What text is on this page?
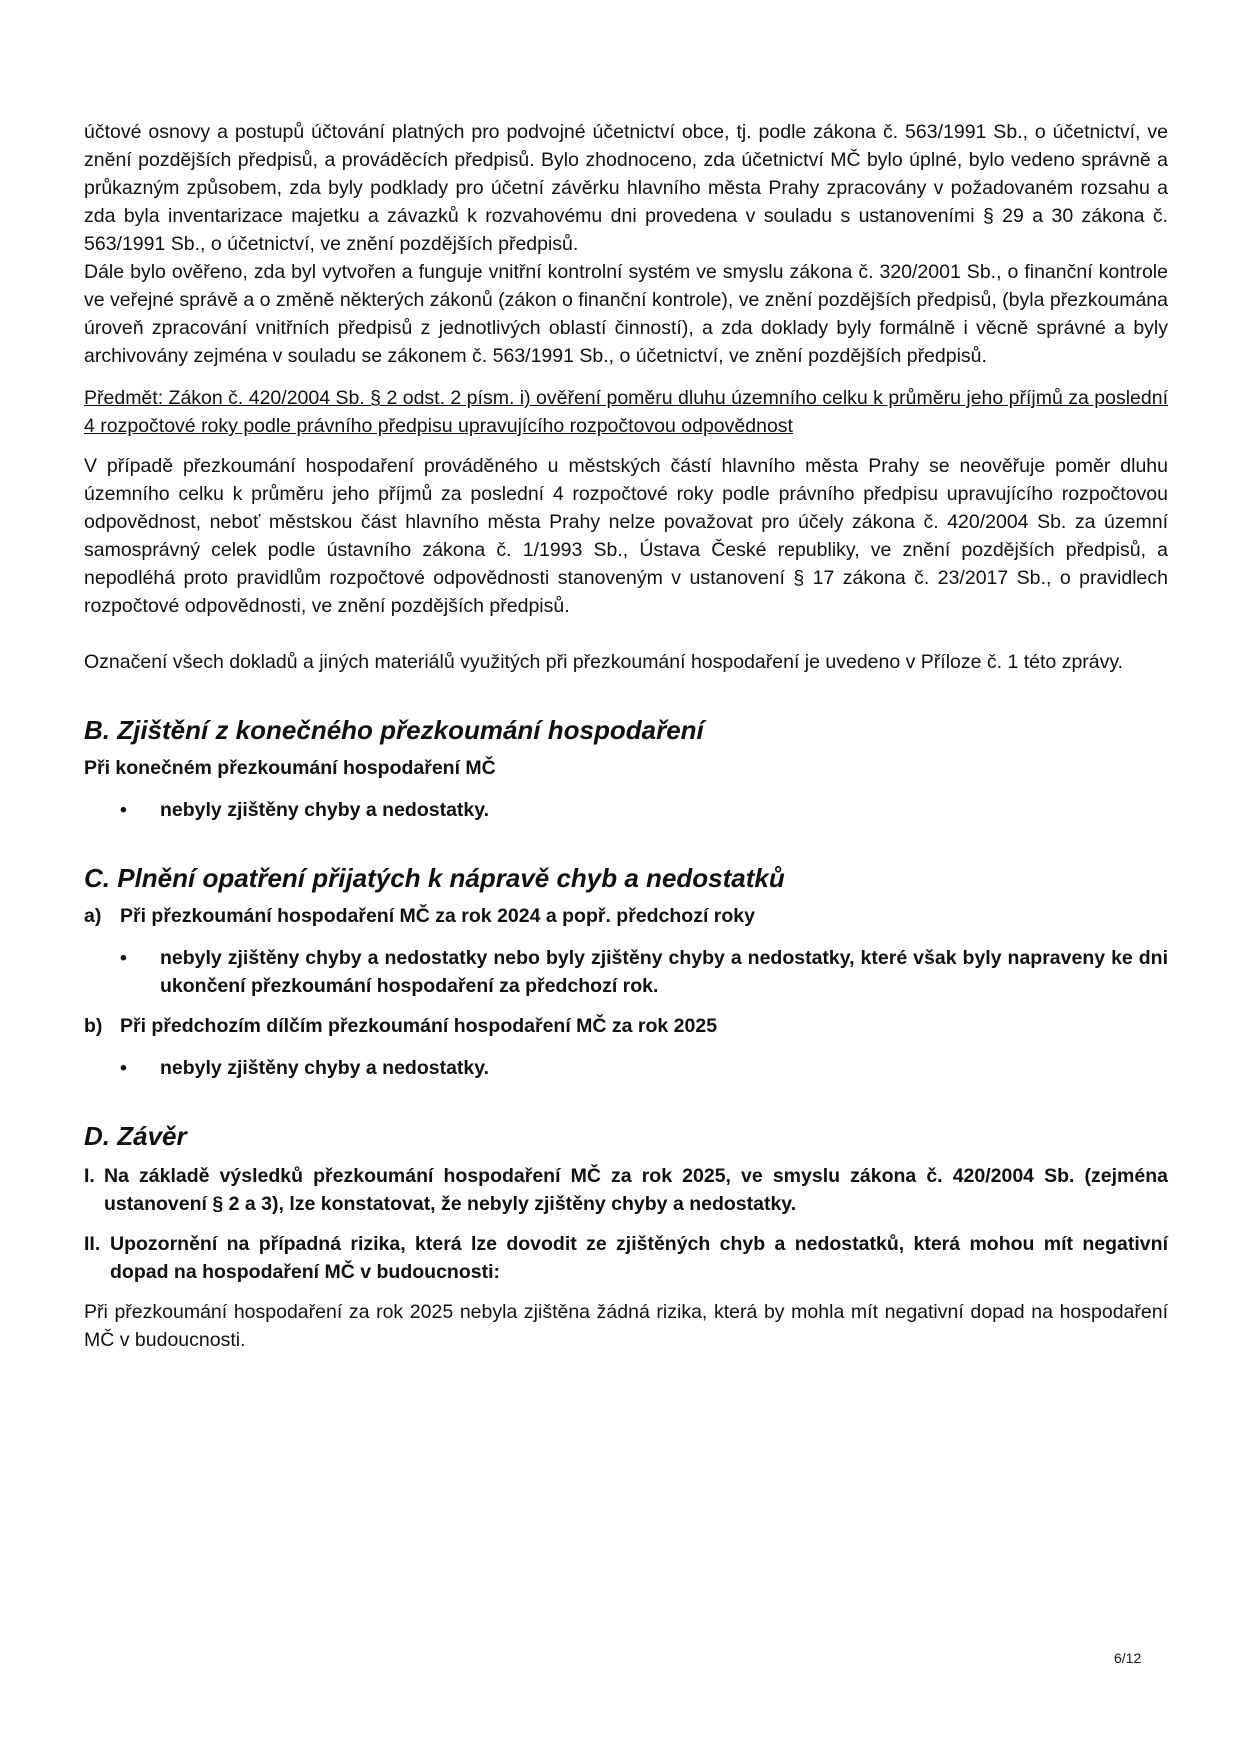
účtové osnovy a postupů účtování platných pro podvojné účetnictví obce, tj. podle zákona č. 563/1991 Sb., o účetnictví, ve znění pozdějších předpisů, a prováděcích předpisů. Bylo zhodnoceno, zda účetnictví MČ bylo úplné, bylo vedeno správně a průkazným způsobem, zda byly podklady pro účetní závěrku hlavního města Prahy zpracovány v požadovaném rozsahu a zda byla inventarizace majetku a závazků k rozvahovému dni provedena v souladu s ustanoveními § 29 a 30 zákona č. 563/1991 Sb., o účetnictví, ve znění pozdějších předpisů.

Dále bylo ověřeno, zda byl vytvořen a funguje vnitřní kontrolní systém ve smyslu zákona č. 320/2001 Sb., o finanční kontrole ve veřejné správě a o změně některých zákonů (zákon o finanční kontrole), ve znění pozdějších předpisů, (byla přezkoumána úroveň zpracování vnitřních předpisů z jednotlivých oblastí činností), a zda doklady byly formálně i věcně správné a byly archivovány zejména v souladu se zákonem č. 563/1991 Sb., o účetnictví, ve znění pozdějších předpisů.

Předmět: Zákon č. 420/2004 Sb. § 2 odst. 2 písm. i) ověření poměru dluhu územního celku k průměru jeho příjmů za poslední 4 rozpočtové roky podle právního předpisu upravujícího rozpočtovou odpovědnost

V případě přezkoumání hospodaření prováděného u městských částí hlavního města Prahy se neověřuje poměr dluhu územního celku k průměru jeho příjmů za poslední 4 rozpočtové roky podle právního předpisu upravujícího rozpočtovou odpovědnost, neboť městskou část hlavního města Prahy nelze považovat pro účely zákona č. 420/2004 Sb. za územní samosprávný celek podle ústavního zákona č. 1/1993 Sb., Ústava České republiky, ve znění pozdějších předpisů, a nepodléhá proto pravidlům rozpočtové odpovědnosti stanoveným v ustanovení § 17 zákona č. 23/2017 Sb., o pravidlech rozpočtové odpovědnosti, ve znění pozdějších předpisů.

Označení všech dokladů a jiných materiálů využitých při přezkoumání hospodaření je uvedeno v Příloze č. 1 této zprávy.

B. Zjištění z konečného přezkoumání hospodaření

Při konečném přezkoumání hospodaření MČ

•	nebyly zjištěny chyby a nedostatky.
C. Plnění opatření přijatých k nápravě chyb a nedostatků
a) Při přezkoumání hospodaření MČ za rok 2024 a popř. předchozí roky
•	nebyly zjištěny chyby a nedostatky nebo byly zjištěny chyby a nedostatky, které však byly napraveny ke dni ukončení přezkoumání hospodaření za předchozí rok.
b) Při předchozím dílčím přezkoumání hospodaření MČ za rok 2025
•	nebyly zjištěny chyby a nedostatky.
D. Závěr
I. Na základě výsledků přezkoumání hospodaření MČ za rok 2025, ve smyslu zákona č. 420/2004 Sb. (zejména ustanovení § 2 a 3), lze konstatovat, že nebyly zjištěny chyby a nedostatky.
II. Upozornění na případná rizika, která lze dovodit ze zjištěných chyb a nedostatků, která mohou mít negativní dopad na hospodaření MČ v budoucnosti:

Při přezkoumání hospodaření za rok 2025 nebyla zjištěna žádná rizika, která by mohla mít negativní dopad na hospodaření MČ v budoucnosti.

6/12
